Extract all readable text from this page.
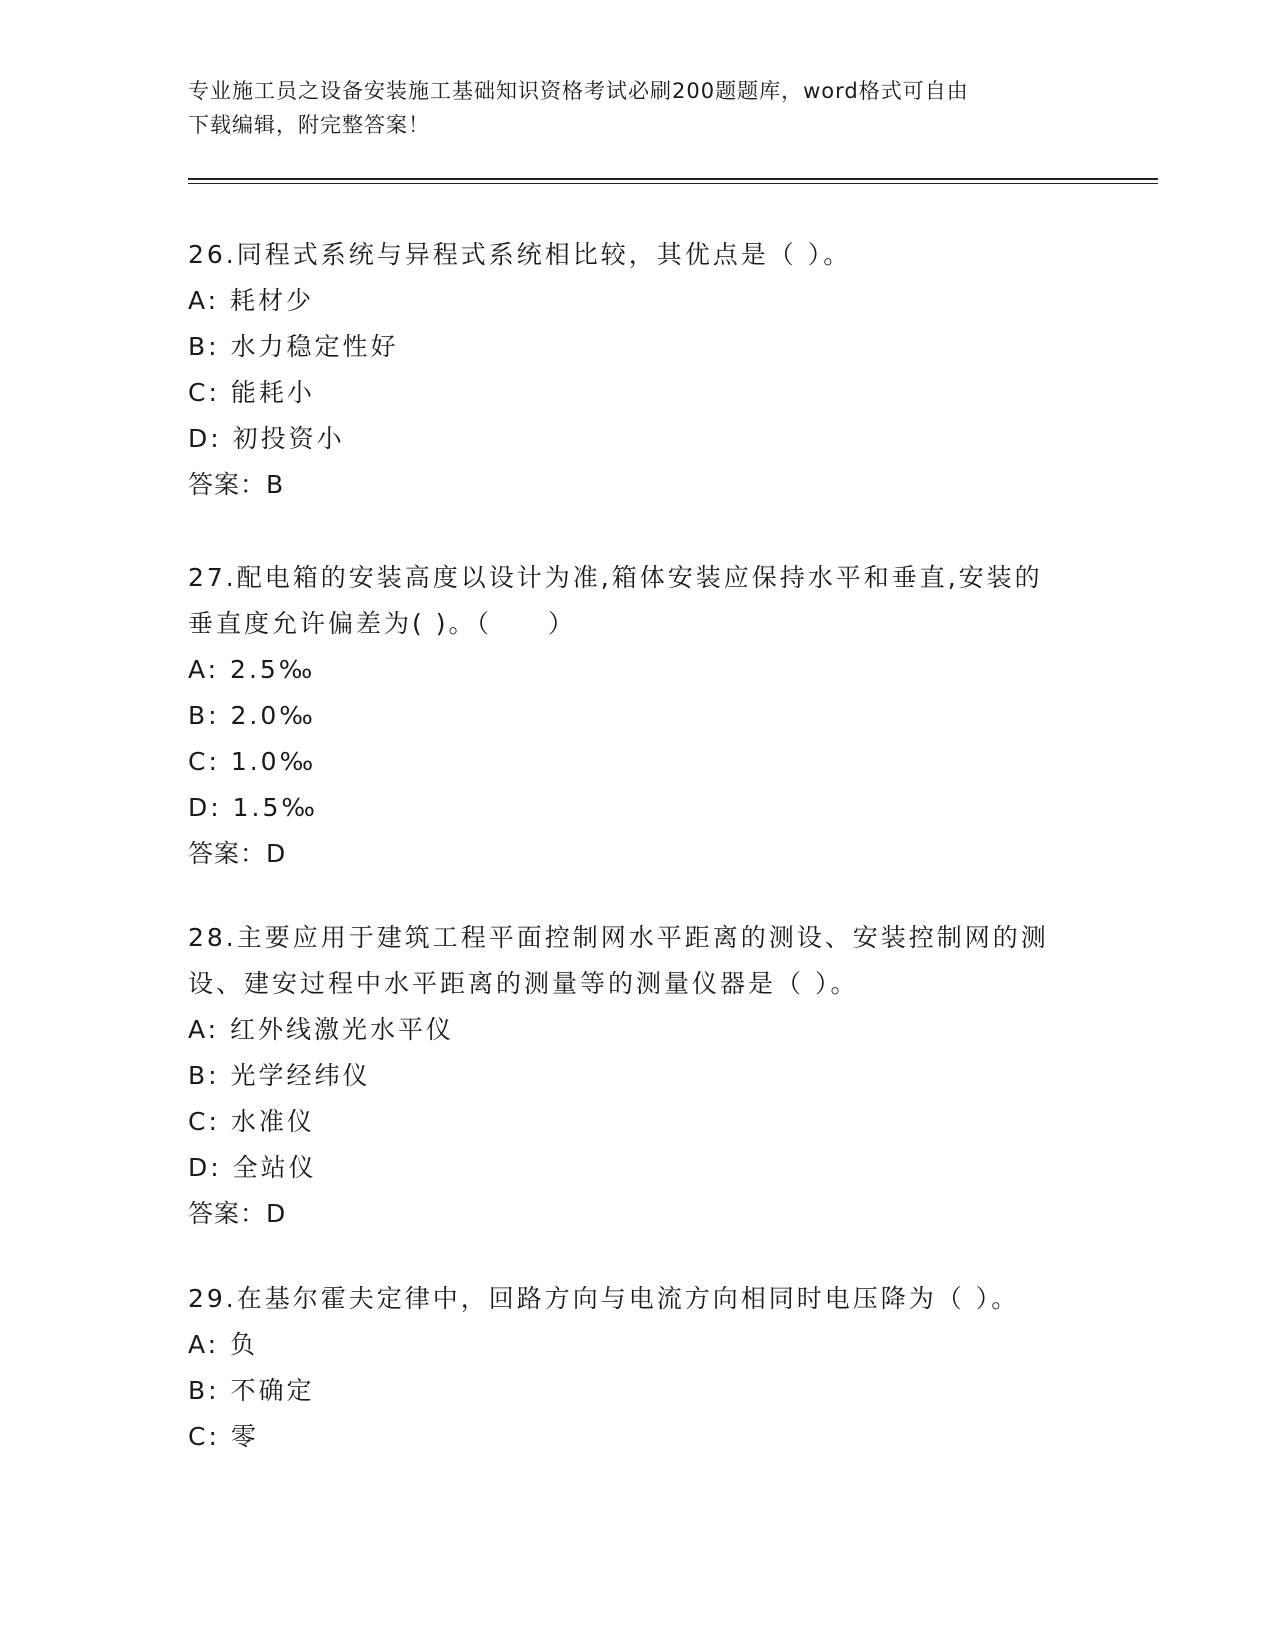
专业施工员之设备安装施工基础知识资格考试必刷200题题库，word格式可自由
下载编辑，附完整答案！
26.同程式系统与异程式系统相比较，其优点是（ ）。
A: 耗材少
B: 水力稳定性好
C: 能耗小
D: 初投资小
答案：B
27.配电箱的安装高度以设计为准,箱体安装应保持水平和垂直,安装的
垂直度允许偏差为( )。（　　）
A: 2.5‰
B: 2.0‰
C: 1.0‰
D: 1.5‰
答案：D
28.主要应用于建筑工程平面控制网水平距离的测设、安装控制网的测
设、建安过程中水平距离的测量等的测量仪器是（ ）。
A: 红外线激光水平仪
B: 光学经纬仪
C: 水准仪
D: 全站仪
答案：D
29.在基尔霍夫定律中，回路方向与电流方向相同时电压降为（ ）。
A: 负
B: 不确定
C: 零
